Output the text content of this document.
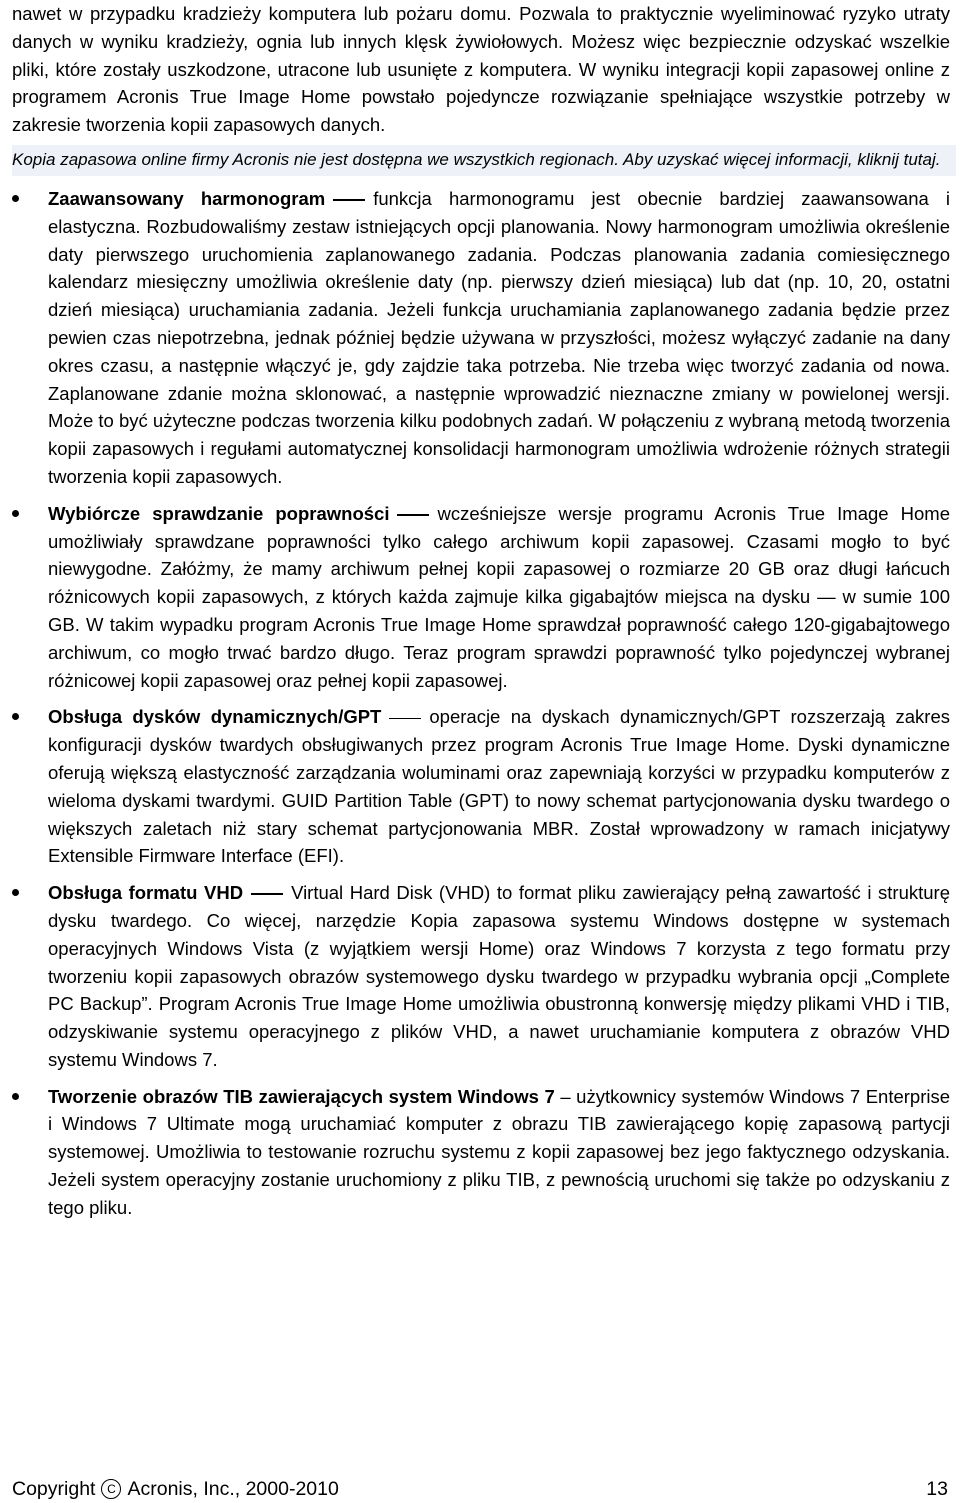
nawet w przypadku kradzieży komputera lub pożaru domu. Pozwala to praktycznie wyeliminować ryzyko utraty danych w wyniku kradzieży, ognia lub innych klęsk żywiołowych. Możesz więc bezpiecznie odzyskać wszelkie pliki, które zostały uszkodzone, utracone lub usunięte z komputera. W wyniku integracji kopii zapasowej online z programem Acronis True Image Home powstało pojedyncze rozwiązanie spełniające wszystkie potrzeby w zakresie tworzenia kopii zapasowych danych.

Kopia zapasowa online firmy Acronis nie jest dostępna we wszystkich regionach. Aby uzyskać więcej informacji, kliknij tutaj.
Zaawansowany harmonogram	funkcja harmonogramu jest obecnie bardziej zaawansowana i elastyczna. Rozbudowaliśmy zestaw istniejących opcji planowania. Nowy harmonogram umożliwia określenie daty pierwszego uruchomienia zaplanowanego zadania. Podczas planowania zadania comiesięcznego kalendarz miesięczny umożliwia określenie daty (np. pierwszy dzień miesiąca) lub dat (np. 10, 20, ostatni dzień miesiąca) uruchamiania zadania. Jeżeli funkcja uruchamiania zaplanowanego zadania będzie przez pewien czas niepotrzebna, jednak później będzie używana w przyszłości, możesz wyłączyć zadanie na dany okres czasu, a następnie włączyć je, gdy zajdzie taka potrzeba. Nie trzeba więc tworzyć zadania od nowa. Zaplanowane zdanie można sklonować, a następnie wprowadzić nieznaczne zmiany w powielonej wersji. Może to być użyteczne podczas tworzenia kilku podobnych zadań. W połączeniu z wybraną metodą tworzenia kopii zapasowych i regułami automatycznej konsolidacji harmonogram umożliwia wdrożenie różnych strategii tworzenia kopii zapasowych.
Wybiórcze sprawdzanie poprawności	wcześniejsze wersje programu Acronis True Image Home umożliwiały sprawdzane poprawności tylko całego archiwum kopii zapasowej. Czasami mogło to być niewygodne. Załóżmy, że mamy archiwum pełnej kopii zapasowej o rozmiarze 20 GB oraz długi łańcuch różnicowych kopii zapasowych, z których każda zajmuje kilka gigabajtów miejsca na dysku — w sumie 100 GB. W takim wypadku program Acronis True Image Home sprawdzał poprawność całego 120-gigabajtowego archiwum, co mogło trwać bardzo długo. Teraz program sprawdzi poprawność tylko pojedynczej wybranej różnicowej kopii zapasowej oraz pełnej kopii zapasowej.
Obsługa dysków dynamicznych/GPT	operacje na dyskach dynamicznych/GPT rozszerzają zakres konfiguracji dysków twardych obsługiwanych przez program Acronis True Image Home. Dyski dynamiczne oferują większą elastyczność zarządzania woluminami oraz zapewniają korzyści w przypadku komputerów z wieloma dyskami twardymi. GUID Partition Table (GPT) to nowy schemat partycjonowania dysku twardego o większych zaletach niż stary schemat partycjonowania MBR. Został wprowadzony w ramach inicjatywy Extensible Firmware Interface (EFI).
Obsługa formatu VHD	Virtual Hard Disk (VHD) to format pliku zawierający pełną zawartość i strukturę dysku twardego. Co więcej, narzędzie Kopia zapasowa systemu Windows dostępne w systemach operacyjnych Windows Vista (z wyjątkiem wersji Home) oraz Windows 7 korzysta z tego formatu przy tworzeniu kopii zapasowych obrazów systemowego dysku twardego w przypadku wybrania opcji „Complete PC Backup”. Program Acronis True Image Home umożliwia obustronną konwersję między plikami VHD i TIB, odzyskiwanie systemu operacyjnego z plików VHD, a nawet uruchamianie komputera z obrazów VHD systemu Windows 7.
Tworzenie obrazów TIB zawierających system Windows 7 – użytkownicy systemów Windows 7 Enterprise i Windows 7 Ultimate mogą uruchamiać komputer z obrazu TIB zawierającego kopię zapasową partycji systemowej. Umożliwia to testowanie rozruchu systemu z kopii zapasowej bez jego faktycznego odzyskania. Jeżeli system operacyjny zostanie uruchomiony z pliku TIB, z pewnością uruchomi się także po odzyskaniu z tego pliku.
Copyright C Acronis, Inc., 2000-2010	13
